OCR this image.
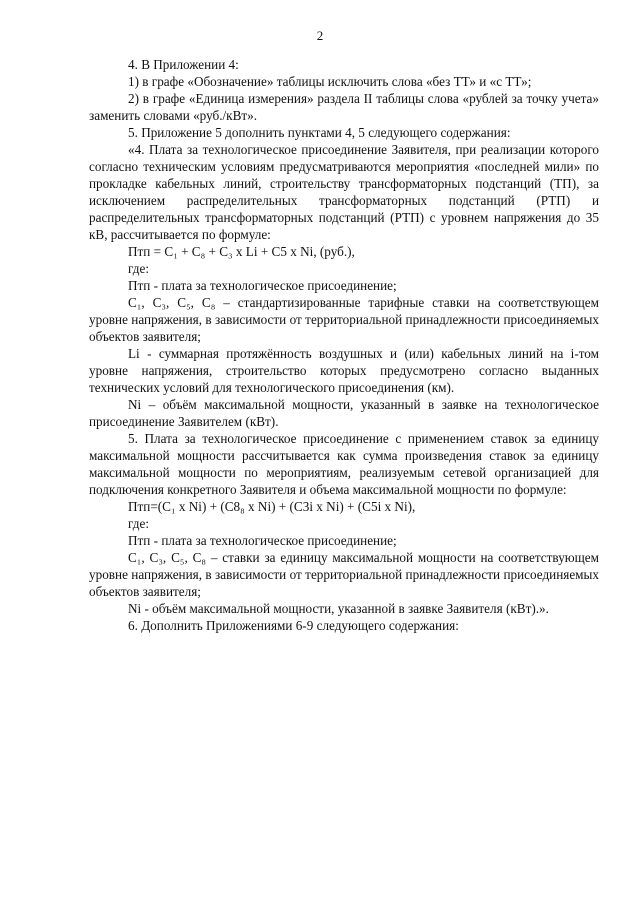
2

4. В Приложении 4:

1) в графе «Обозначение» таблицы исключить слова «без ТТ» и «с ТТ»;

2) в графе «Единица измерения» раздела II таблицы слова «рублей за точку учета» заменить словами «руб./кВт».

5. Приложение 5 дополнить пунктами 4, 5 следующего содержания:

«4. Плата за технологическое присоединение Заявителя, при реализации которого согласно техническим условиям предусматриваются мероприятия «последней мили» по прокладке кабельных линий, строительству трансформаторных подстанций (ТП), за исключением распределительных трансформаторных подстанций (РТП) и распределительных трансформаторных подстанций (РТП) с уровнем напряжения до 35 кВ, рассчитывается по формуле:

Птп = С₁ + С₈ + С₃ х Li + С5 х Ni, (руб.),

где:

Птп - плата за технологическое присоединение;

С₁, С₃, С₅, С₈ – стандартизированные тарифные ставки на соответствующем уровне напряжения, в зависимости от территориальной принадлежности присоединяемых объектов заявителя;

Li - суммарная протяжённость воздушных и (или) кабельных линий на i-том уровне напряжения, строительство которых предусмотрено согласно выданных технических условий для технологического присоединения (км).

Ni – объём максимальной мощности, указанный в заявке на технологическое присоединение Заявителем (кВт).

5. Плата за технологическое присоединение с применением ставок за единицу максимальной мощности рассчитывается как сумма произведения ставок за единицу максимальной мощности по мероприятиям, реализуемым сетевой организацией для подключения конкретного Заявителя и объема максимальной мощности по формуле:

Птп=(С₁ х Ni) + (С8₈ х Ni) + (С3i х Ni) + (С5i х Ni),

где:

Птп - плата за технологическое присоединение;

С₁, С₃, С₅, С₈ – ставки за единицу максимальной мощности на соответствующем уровне напряжения, в зависимости от территориальной принадлежности присоединяемых объектов заявителя;

Ni - объём максимальной мощности, указанной в заявке Заявителя (кВт).».

6. Дополнить Приложениями 6-9 следующего содержания:
